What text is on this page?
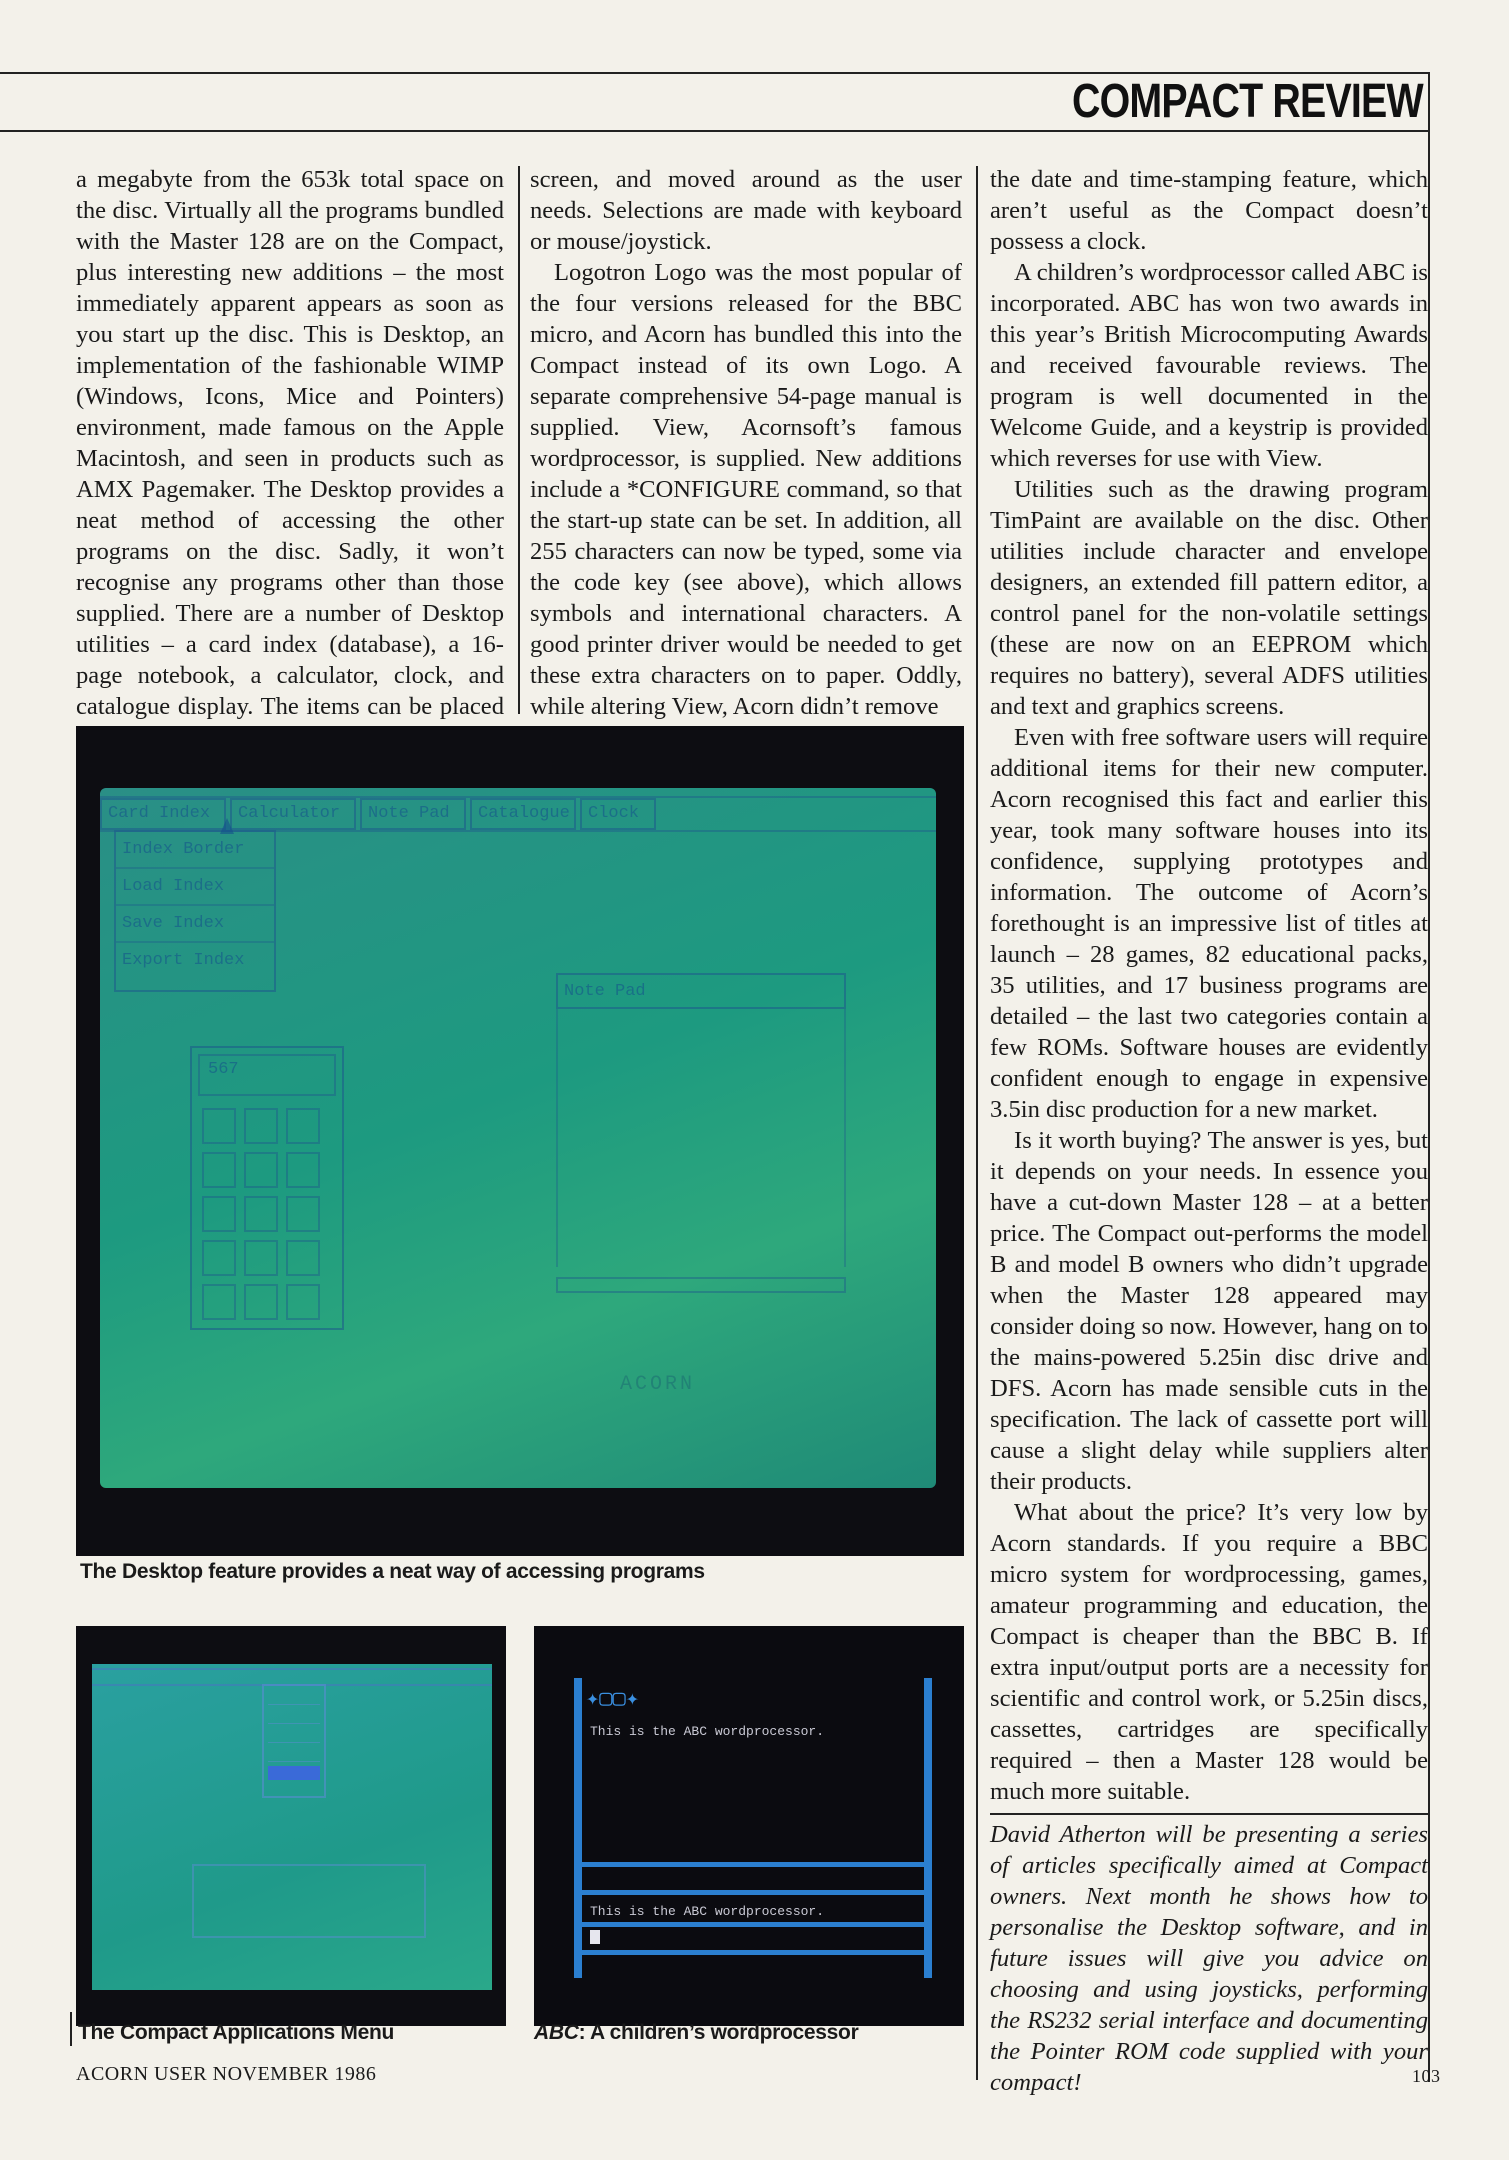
COMPACT REVIEW

a megabyte from the 653k total space on the disc. Virtually all the programs bundled with the Master 128 are on the Compact, plus interesting new additions – the most immediately apparent appears as soon as you start up the disc. This is Desktop, an implementation of the fashionable WIMP (Windows, Icons, Mice and Pointers) environment, made famous on the Apple Macintosh, and seen in products such as AMX Pagemaker. The Desktop provides a neat method of accessing the other programs on the disc. Sadly, it won’t recognise any programs other than those supplied. There are a number of Desktop utilities – a card index (database), a 16-page notebook, a calculator, clock, and catalogue display. The items can be placed

screen, and moved around as the user needs. Selections are made with keyboard or mouse/joystick.

Logotron Logo was the most popular of the four versions released for the BBC micro, and Acorn has bundled this into the Compact instead of its own Logo. A separate comprehensive 54-page manual is supplied. View, Acornsoft’s famous wordprocessor, is supplied. New additions include a *CONFIGURE command, so that the start-up state can be set. In addition, all 255 characters can now be typed, some via the code key (see above), which allows symbols and international characters. A good printer driver would be needed to get these extra characters on to paper. Oddly, while altering View, Acorn didn’t remove

the date and time-stamping feature, which aren’t useful as the Compact doesn’t possess a clock.

A children’s wordprocessor called ABC is incorporated. ABC has won two awards in this year’s British Microcomputing Awards and received favourable reviews. The program is well documented in the Welcome Guide, and a keystrip is provided which reverses for use with View.

Utilities such as the drawing program TimPaint are available on the disc. Other utilities include character and envelope designers, an extended fill pattern editor, a control panel for the non-volatile settings (these are now on an EEPROM which requires no battery), several ADFS utilities and text and graphics screens.

Even with free software users will require additional items for their new computer. Acorn recognised this fact and earlier this year, took many software houses into its confidence, supplying prototypes and information. The outcome of Acorn’s forethought is an impressive list of titles at launch – 28 games, 82 educational packs, 35 utilities, and 17 business programs are detailed – the last two categories contain a few ROMs. Software houses are evidently confident enough to engage in expensive 3.5in disc production for a new market.

Is it worth buying? The answer is yes, but it depends on your needs. In essence you have a cut-down Master 128 – at a better price. The Compact out-performs the model B and model B owners who didn’t upgrade when the Master 128 appeared may consider doing so now. However, hang on to the mains-powered 5.25in disc drive and DFS. Acorn has made sensible cuts in the specification. The lack of cassette port will cause a slight delay while suppliers alter their products.

What about the price? It’s very low by Acorn standards. If you require a BBC micro system for wordprocessing, games, amateur programming and education, the Compact is cheaper than the BBC B. If extra input/output ports are a necessity for scientific and control work, or 5.25in discs, cassettes, cartridges are specifically required – then a Master 128 would be much more suitable.

David Atherton will be presenting a series of articles specifically aimed at Compact owners. Next month he shows how to personalise the Desktop software, and in future issues will give you advice on choosing and using joysticks, performing the RS232 serial interface and documenting the Pointer ROM code supplied with your compact!

Card Index	Calculator	Note Pad	Catalogue	Clock
Index Border
Load Index
Save Index
Export Index
567
Note Pad
ACORN
The Desktop feature provides a neat way of accessing programs
The Compact Applications Menu
✦▢▢✦
This is the ABC wordprocessor.
This is the ABC wordprocessor.
ABC: A children’s wordprocessor
ACORN USER NOVEMBER 1986	103
